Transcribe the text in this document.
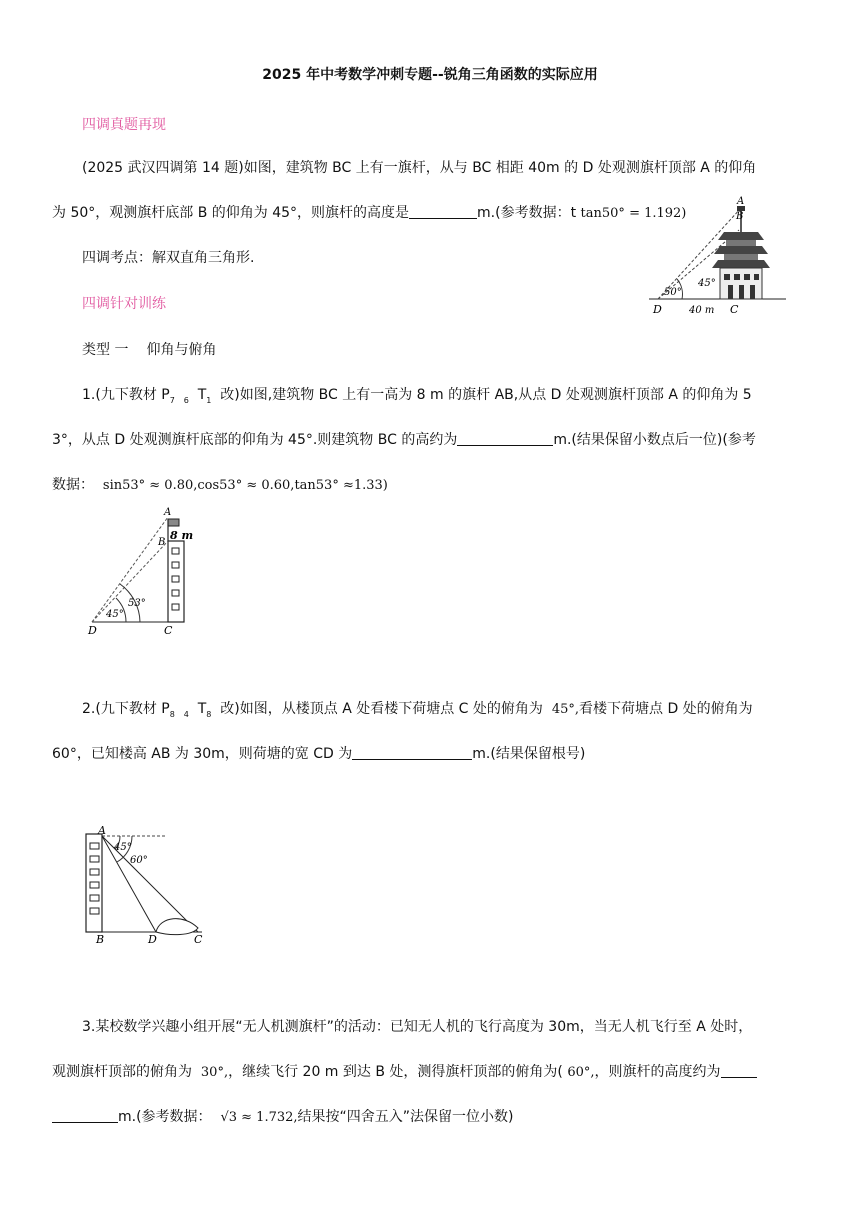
2025 年中考数学冲刺专题--锐角三角函数的实际应用
四调真题再现
(2025 武汉四调第 14 题)如图，建筑物 BC 上有一旗杆，从与 BC 相距 40m 的 D 处观测旗杆顶部 A 的仰角
为 50°，观测旗杆底部 B 的仰角为 45°，则旗杆的高度是	m.(参考数据：t tan50° = 1.192)
四调考点：解双直角三角形.
50°
45°
A
B
D	C
40 m
四调针对训练
类型 一 仰角与俯角
1.(九下教材 $P_7$ $_6$ $T_1$ 改)如图,建筑物 BC 上有一高为 8 m 的旗杆 AB,从点 D 处观测旗杆顶部 A 的仰角为 5
3°，从点 D 处观测旗杆底部的仰角为 45°.则建筑物 BC 的高约为	m.(结果保留小数点后一位)(参考
数据： sin53° ≈ 0.80,cos53° ≈ 0.60,tan53° ≈1.33)
A
B
8 m
45°
53°
D	C
2.(九下教材 $P_8$ $_4$ $T_8$ 改)如图，从楼顶点 A 处看楼下荷塘点 C 处的俯角为 45°,看楼下荷塘点 D 处的俯角为
60°，已知楼高 AB 为 30m，则荷塘的宽 CD 为	m.(结果保留根号)
A
45°
60°
B	D	C
3.某校数学兴趣小组开展“无人机测旗杆”的活动：已知无人机的飞行高度为 30m，当无人机飞行至 A 处时，
观测旗杆顶部的俯角为 30°,，继续飞行 20 m 到达 B 处，测得旗杆顶部的俯角为( 60°,，则旗杆的高度约为
m.(参考数据： √3 ≈ 1.732,结果按“四舍五入”法保留一位小数)
